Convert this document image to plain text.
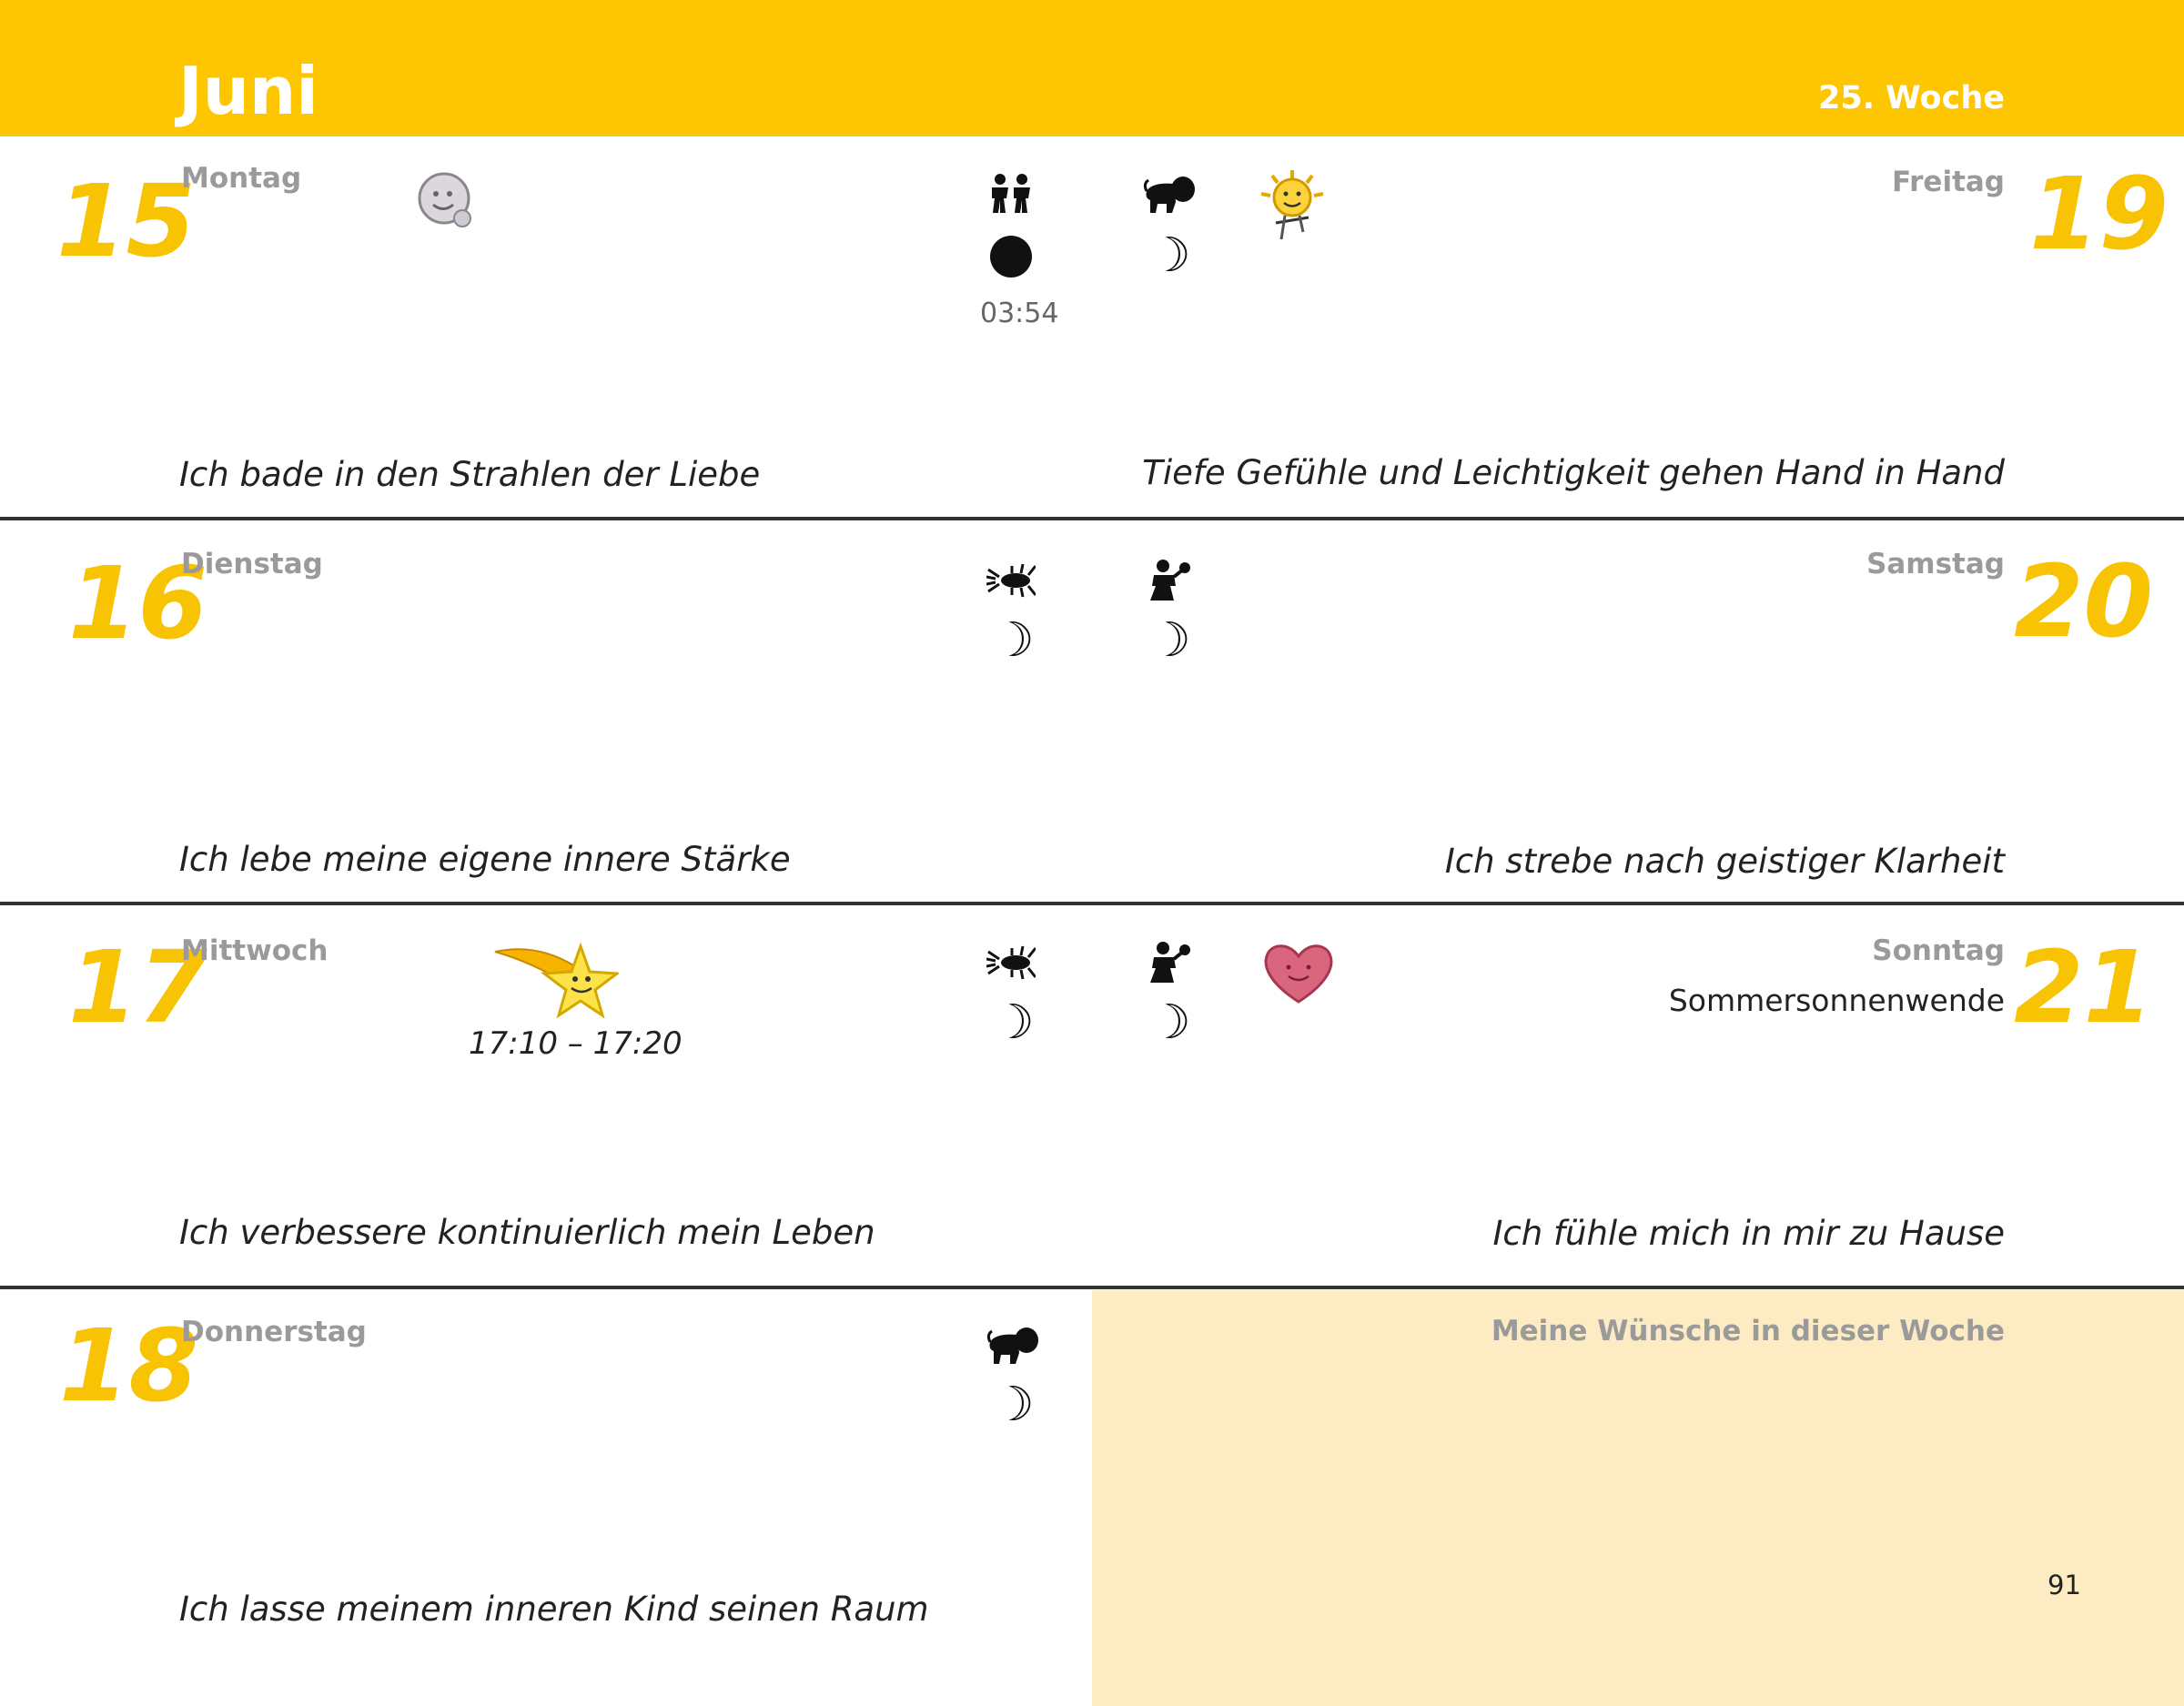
Juni	25. Woche
Meine Wünsche in dieser Woche
15
Montag
Ich bade in den Strahlen der Liebe
16
Dienstag
Ich lebe meine eigene innere Stärke
17
Mittwoch
17:10 – 17:20
Ich verbessere kontinuierlich mein Leben
18
Donnerstag
Ich lasse meinem inneren Kind seinen Raum
03:54
☽
☽ ☽
☽ ☽
☽
19
Freitag
Tiefe Gefühle und Leichtigkeit gehen Hand in Hand
20
Samstag
Ich strebe nach geistiger Klarheit
21
Sonntag
Sommersonnenwende
Ich fühle mich in mir zu Hause
91
